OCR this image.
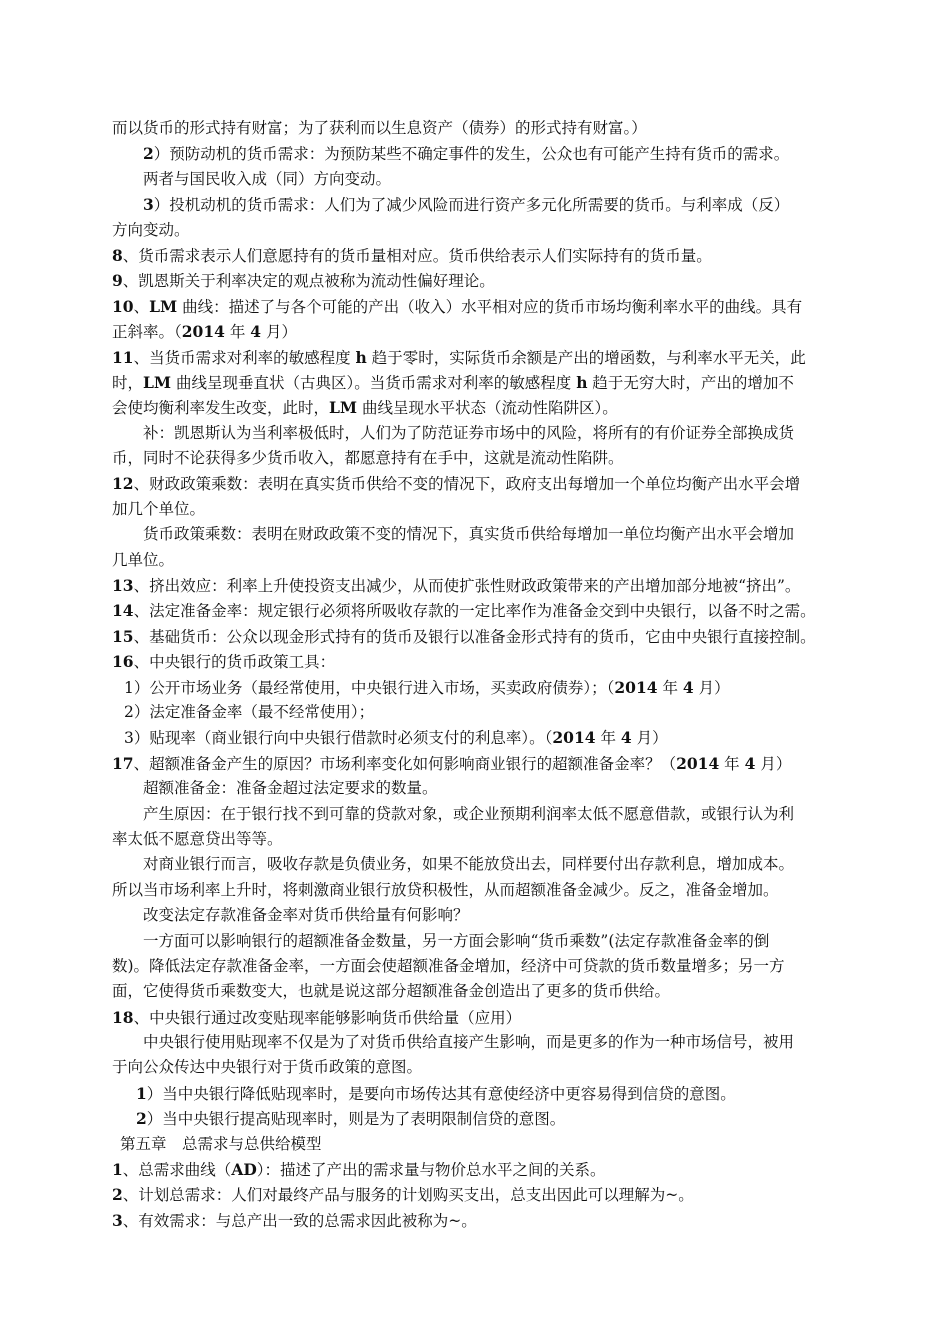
而以货币的形式持有财富；为了获利而以生息资产（债券）的形式持有财富。）
2）预防动机的货币需求：为预防某些不确定事件的发生，公众也有可能产生持有货币的需求。
两者与国民收入成（同）方向变动。
3）投机动机的货币需求：人们为了减少风险而进行资产多元化所需要的货币。与利率成（反）
方向变动。
8、货币需求表示人们意愿持有的货币量相对应。货币供给表示人们实际持有的货币量。
9、凯恩斯关于利率决定的观点被称为流动性偏好理论。
10、LM 曲线：描述了与各个可能的产出（收入）水平相对应的货币市场均衡利率水平的曲线。具有
正斜率。（2014 年 4 月）
11、当货币需求对利率的敏感程度 h 趋于零时，实际货币余额是产出的增函数，与利率水平无关，此
时，LM 曲线呈现垂直状（古典区）。当货币需求对利率的敏感程度 h 趋于无穷大时，产出的增加不
会使均衡利率发生改变，此时，LM 曲线呈现水平状态（流动性陷阱区）。
补：凯恩斯认为当利率极低时，人们为了防范证券市场中的风险，将所有的有价证券全部换成货
币，同时不论获得多少货币收入，都愿意持有在手中，这就是流动性陷阱。
12、财政政策乘数：表明在真实货币供给不变的情况下，政府支出每增加一个单位均衡产出水平会增
加几个单位。
货币政策乘数：表明在财政政策不变的情况下，真实货币供给每增加一单位均衡产出水平会增加
几单位。
13、挤出效应：利率上升使投资支出减少，从而使扩张性财政政策带来的产出增加部分地被“挤出”。
14、法定准备金率：规定银行必须将所吸收存款的一定比率作为准备金交到中央银行，以备不时之需。
15、基础货币：公众以现金形式持有的货币及银行以准备金形式持有的货币，它由中央银行直接控制。
16、中央银行的货币政策工具：
1）公开市场业务（最经常使用，中央银行进入市场，买卖政府债券）；（2014 年 4 月）
2）法定准备金率（最不经常使用）；
3）贴现率（商业银行向中央银行借款时必须支付的利息率）。（2014 年 4 月）
17、超额准备金产生的原因？市场利率变化如何影响商业银行的超额准备金率？（2014 年 4 月）
超额准备金：准备金超过法定要求的数量。
产生原因：在于银行找不到可靠的贷款对象，或企业预期利润率太低不愿意借款，或银行认为利
率太低不愿意贷出等等。
对商业银行而言，吸收存款是负债业务，如果不能放贷出去，同样要付出存款利息，增加成本。
所以当市场利率上升时，将刺激商业银行放贷积极性，从而超额准备金减少。反之，准备金增加。
改变法定存款准备金率对货币供给量有何影响？
一方面可以影响银行的超额准备金数量，另一方面会影响“货币乘数”(法定存款准备金率的倒
数)。降低法定存款准备金率，一方面会使超额准备金增加，经济中可贷款的货币数量增多；另一方
面，它使得货币乘数变大，也就是说这部分超额准备金创造出了更多的货币供给。
18、中央银行通过改变贴现率能够影响货币供给量（应用）
中央银行使用贴现率不仅是为了对货币供给直接产生影响，而是更多的作为一种市场信号，被用
于向公众传达中央银行对于货币政策的意图。
1）当中央银行降低贴现率时，是要向市场传达其有意使经济中更容易得到信贷的意图。
2）当中央银行提高贴现率时，则是为了表明限制信贷的意图。
第五章　总需求与总供给模型
1、总需求曲线（AD）：描述了产出的需求量与物价总水平之间的关系。
2、计划总需求：人们对最终产品与服务的计划购买支出，总支出因此可以理解为~。
3、有效需求：与总产出一致的总需求因此被称为~。
